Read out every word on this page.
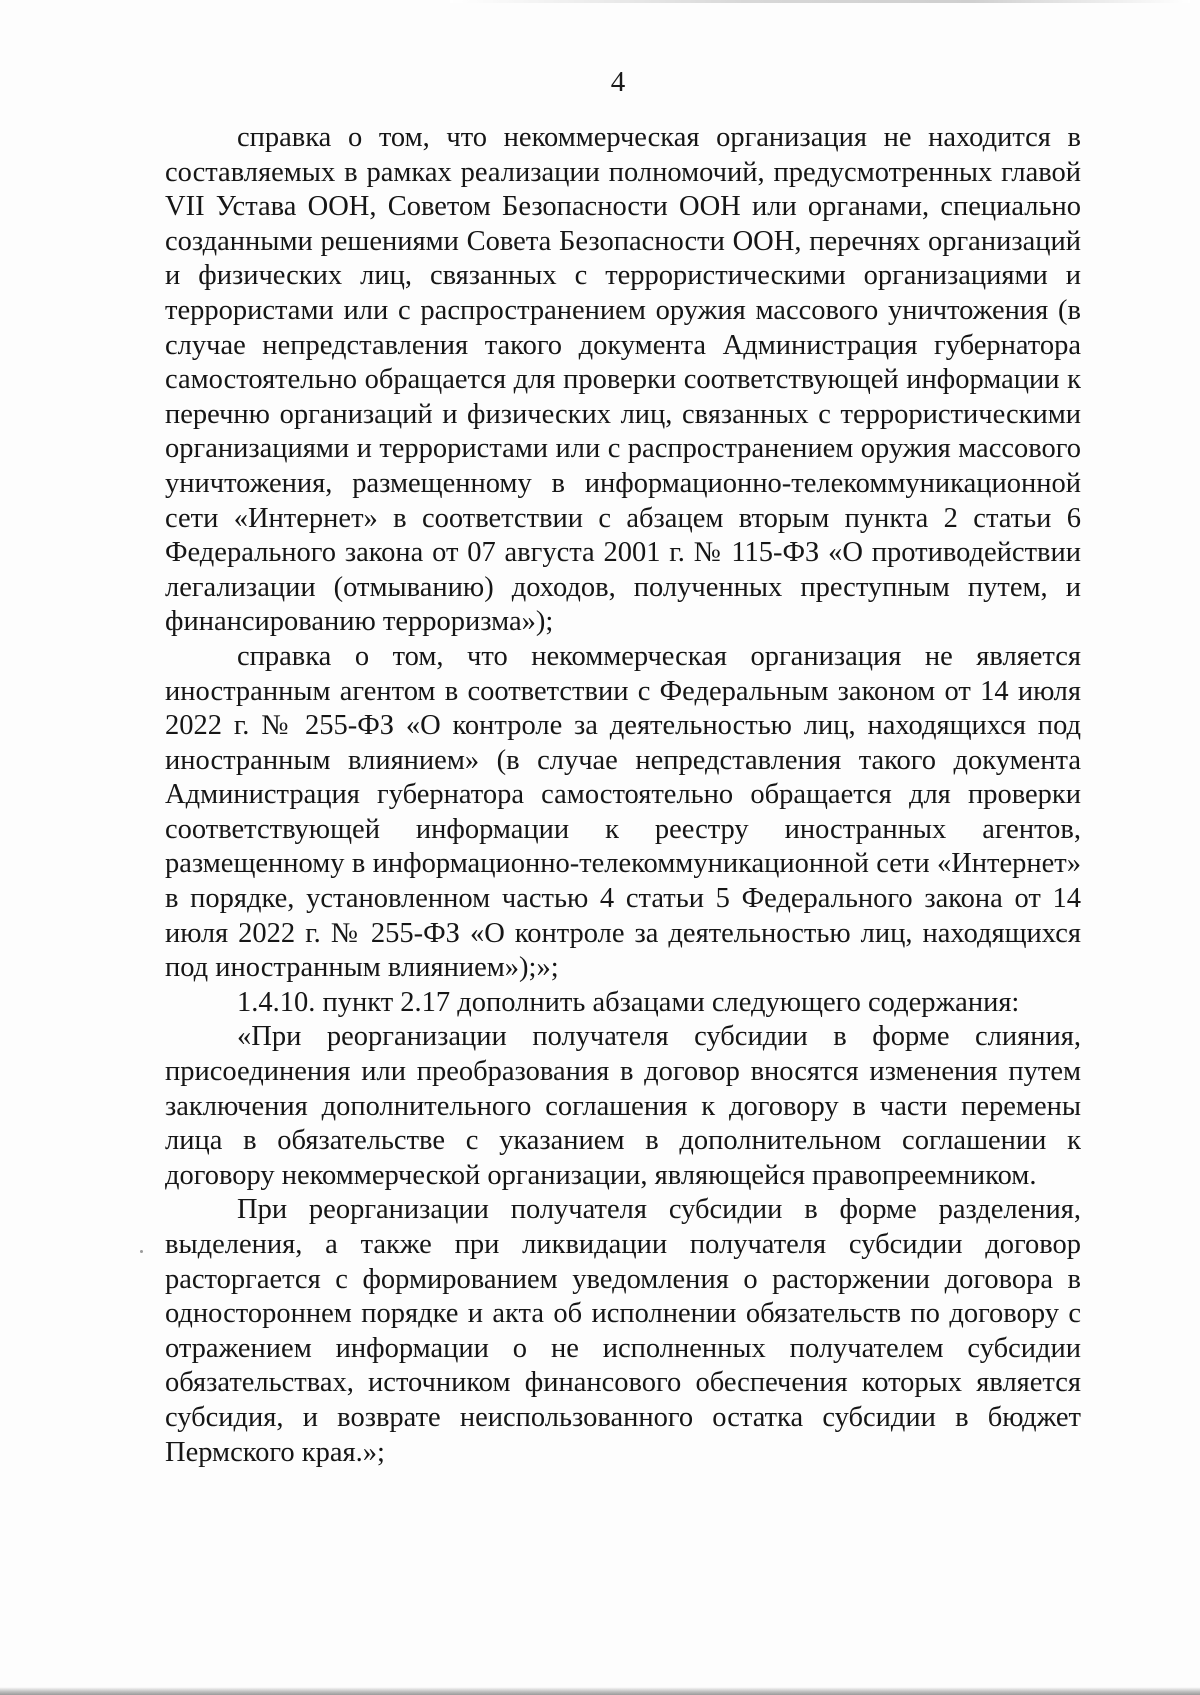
4

справка о том, что некоммерческая организация не находится в составляемых в рамках реализации полномочий, предусмотренных главой VII Устава ООН, Советом Безопасности ООН или органами, специально созданными решениями Совета Безопасности ООН, перечнях организаций и физических лиц, связанных с террористическими организациями и террористами или с распространением оружия массового уничтожения (в случае непредставления такого документа Администрация губернатора самостоятельно обращается для проверки соответствующей информации к перечню организаций и физических лиц, связанных с террористическими организациями и террористами или с распространением оружия массового уничтожения, размещенному в информационно-телекоммуникационной сети «Интернет» в соответствии с абзацем вторым пункта 2 статьи 6 Федерального закона от 07 августа 2001 г. № 115-ФЗ «О противодействии легализации (отмыванию) доходов, полученных преступным путем, и финансированию терроризма»);

справка о том, что некоммерческая организация не является иностранным агентом в соответствии с Федеральным законом от 14 июля 2022 г. № 255-ФЗ «О контроле за деятельностью лиц, находящихся под иностранным влиянием» (в случае непредставления такого документа Администрация губернатора самостоятельно обращается для проверки соответствующей информации к реестру иностранных агентов, размещенному в информационно-телекоммуникационной сети «Интернет» в порядке, установленном частью 4 статьи 5 Федерального закона от 14 июля 2022 г. № 255-ФЗ «О контроле за деятельностью лиц, находящихся под иностранным влиянием»);»;

1.4.10. пункт 2.17 дополнить абзацами следующего содержания:

«При реорганизации получателя субсидии в форме слияния, присоединения или преобразования в договор вносятся изменения путем заключения дополнительного соглашения к договору в части перемены лица в обязательстве с указанием в дополнительном соглашении к договору некоммерческой организации, являющейся правопреемником.

При реорганизации получателя субсидии в форме разделения, выделения, а также при ликвидации получателя субсидии договор расторгается с формированием уведомления о расторжении договора в одностороннем порядке и акта об исполнении обязательств по договору с отражением информации о не исполненных получателем субсидии обязательствах, источником финансового обеспечения которых является субсидия, и возврате неиспользованного остатка субсидии в бюджет Пермского края.»;
